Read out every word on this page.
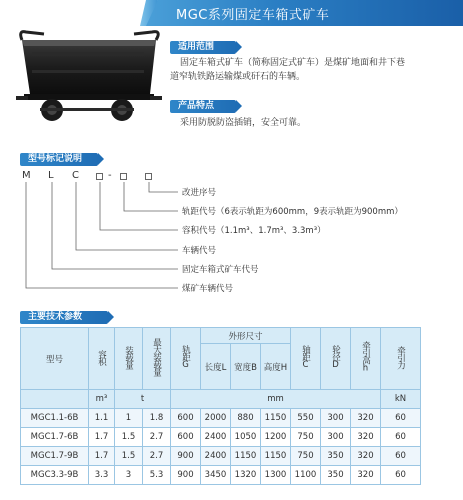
MGC系列固定车箱式矿车
适用范围
固定车箱式矿车（简称固定式矿车）是煤矿地面和井下巷
道窄轨铁路运输煤或矸石的车辆。
产品特点
采用防脱防盗插销，安全可靠。
型号标记说明
M L C	-
改进序号
轨距代号（6表示轨距为600mm，9表示轨距为900mm）
容积代号（1.1m³、1.7m³、3.3m³）
车辆代号
固定车箱式矿车代号
煤矿车辆代号
主要技术参数
型号	容积	装载量	最大装载量	轨距G	外形尺寸			轴距C	轮径D	牵引高h	牵引力
					长度L	宽度B	高度H				

	m³	t		mm							kN
MGC1.1-6B	1.1	1	1.8	600	2000	880	1150	550	300	320	60
MGC1.7-6B	1.7	1.5	2.7	600	2400	1050	1200	750	300	320	60
MGC1.7-9B	1.7	1.5	2.7	900	2400	1150	1150	750	350	320	60
MGC3.3-9B	3.3	3	5.3	900	3450	1320	1300	1100	350	320	60
